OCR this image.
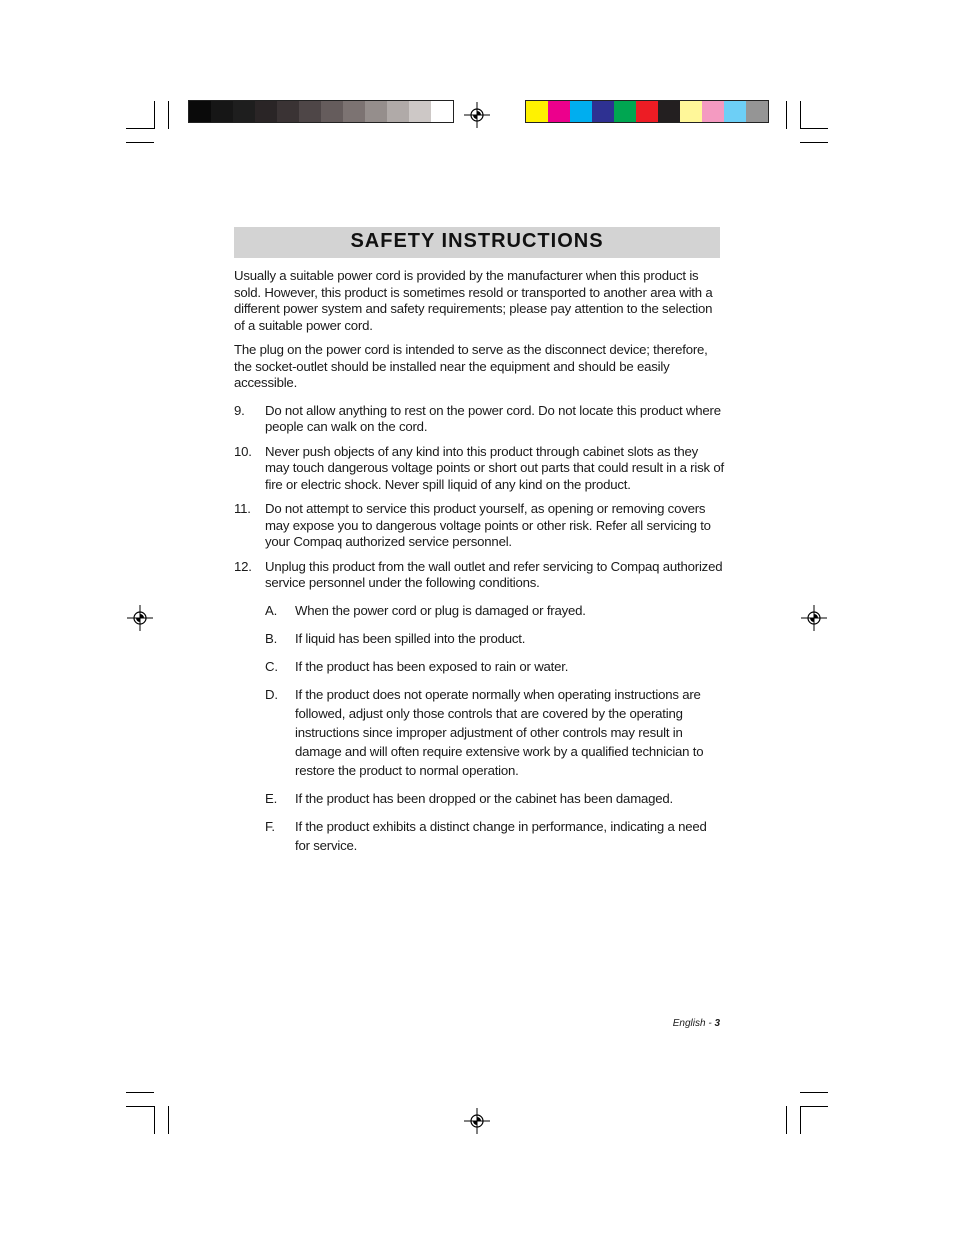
SAFETY INSTRUCTIONS

Usually a suitable power cord is provided by the manufacturer when this product is sold. However, this product is sometimes resold or transported to another area with a different power system and safety requirements; please pay attention to the selection of a suitable power cord.

The plug on the power cord is intended to serve as the disconnect device; therefore, the socket-outlet should be installed near the equipment and should be easily accessible.

9. Do not allow anything to rest on the power cord. Do not locate this product where people can walk on the cord.
10. Never push objects of any kind into this product through cabinet slots as they may touch dangerous voltage points or short out parts that could result in a risk of fire or electric shock. Never spill liquid of any kind on the product.
11. Do not attempt to service this product yourself, as opening or removing covers may expose you to dangerous voltage points or other risk. Refer all servicing to your Compaq authorized service personnel.
12. Unplug this product from the wall outlet and refer servicing to Compaq authorized service personnel under the following conditions.
A. When the power cord or plug is damaged or frayed.
B. If liquid has been spilled into the product.
C. If the product has been exposed to rain or water.
D. If the product does not operate normally when operating instructions are followed, adjust only those controls that are covered by the operating instructions since improper adjustment of other controls may result in damage and will often require extensive work by a qualified technician to restore the product to normal operation.
E. If the product has been dropped or the cabinet has been damaged.
F. If the product exhibits a distinct change in performance, indicating a need for service.
English - 3
